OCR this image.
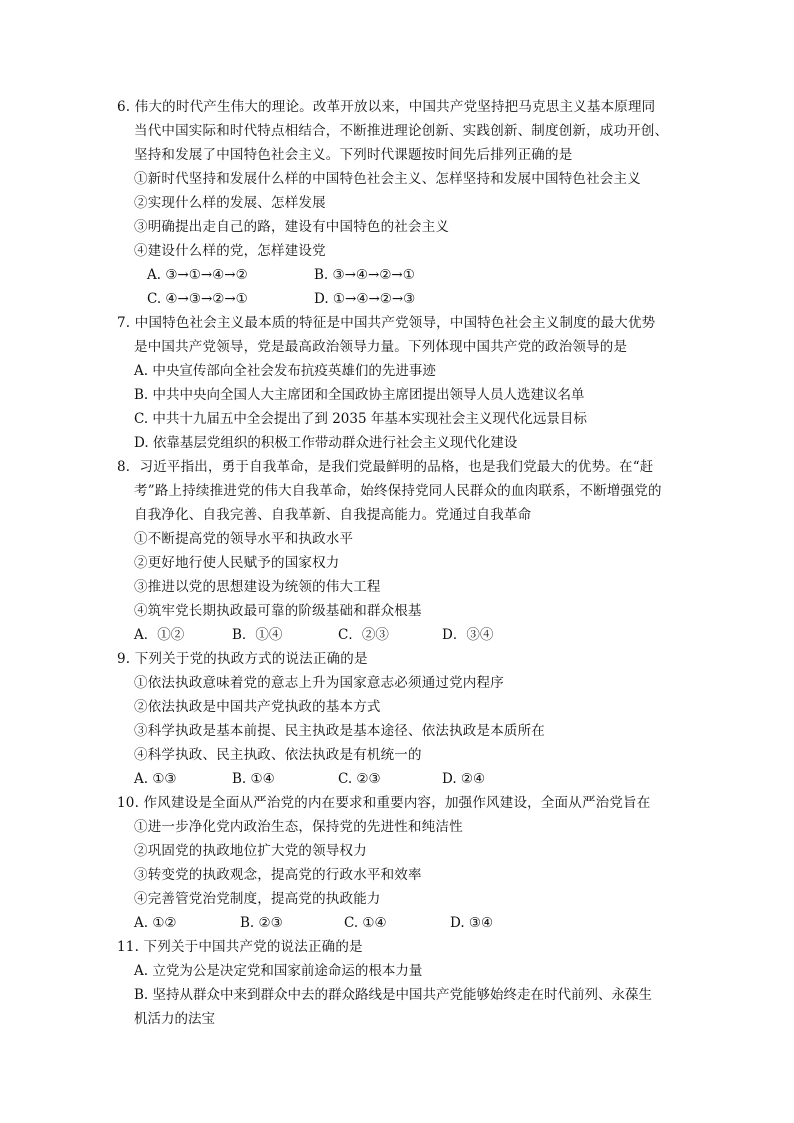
6. 伟大的时代产生伟大的理论。改革开放以来，中国共产党坚持把马克思主义基本原理同
当代中国实际和时代特点相结合，不断推进理论创新、实践创新、制度创新，成功开创、
坚持和发展了中国特色社会主义。下列时代课题按时间先后排列正确的是
①新时代坚持和发展什么样的中国特色社会主义、怎样坚持和发展中国特色社会主义
②实现什么样的发展、怎样发展
③明确提出走自己的路，建设有中国特色的社会主义
④建设什么样的党，怎样建设党
A. ③→①→④→②	B. ③→④→②→①
C. ④→③→②→①	D. ①→④→②→③
7. 中国特色社会主义最本质的特征是中国共产党领导，中国特色社会主义制度的最大优势
是中国共产党领导，党是最高政治领导力量。下列体现中国共产党的政治领导的是
A. 中央宣传部向全社会发布抗疫英雄们的先进事迹
B. 中共中央向全国人大主席团和全国政协主席团提出领导人员人选建议名单
C. 中共十九届五中全会提出了到 2035 年基本实现社会主义现代化远景目标
D. 依靠基层党组织的积极工作带动群众进行社会主义现代化建设
8．习近平指出，勇于自我革命，是我们党最鲜明的品格，也是我们党最大的优势。在“赶
考”路上持续推进党的伟大自我革命，始终保持党同人民群众的血肉联系，不断增强党的
自我净化、自我完善、自我革新、自我提高能力。党通过自我革命
①不断提高党的领导水平和执政水平
②更好地行使人民赋予的国家权力
③推进以党的思想建设为统领的伟大工程
④筑牢党长期执政最可靠的阶级基础和群众根基
A．①②	B．①④	C．②③	D．③④
9. 下列关于党的执政方式的说法正确的是
①依法执政意味着党的意志上升为国家意志必须通过党内程序
②依法执政是中国共产党执政的基本方式
③科学执政是基本前提、民主执政是基本途径、依法执政是本质所在
④科学执政、民主执政、依法执政是有机统一的
A. ①③	B. ①④	C. ②③	D. ②④
10. 作风建设是全面从严治党的内在要求和重要内容，加强作风建设，全面从严治党旨在
①进一步净化党内政治生态，保持党的先进性和纯洁性
②巩固党的执政地位扩大党的领导权力
③转变党的执政观念，提高党的行政水平和效率
④完善管党治党制度，提高党的执政能力
A. ①②	B. ②③	C. ①④	D. ③④
11. 下列关于中国共产党的说法正确的是
A. 立党为公是决定党和国家前途命运的根本力量
B. 坚持从群众中来到群众中去的群众路线是中国共产党能够始终走在时代前列、永葆生
机活力的法宝
